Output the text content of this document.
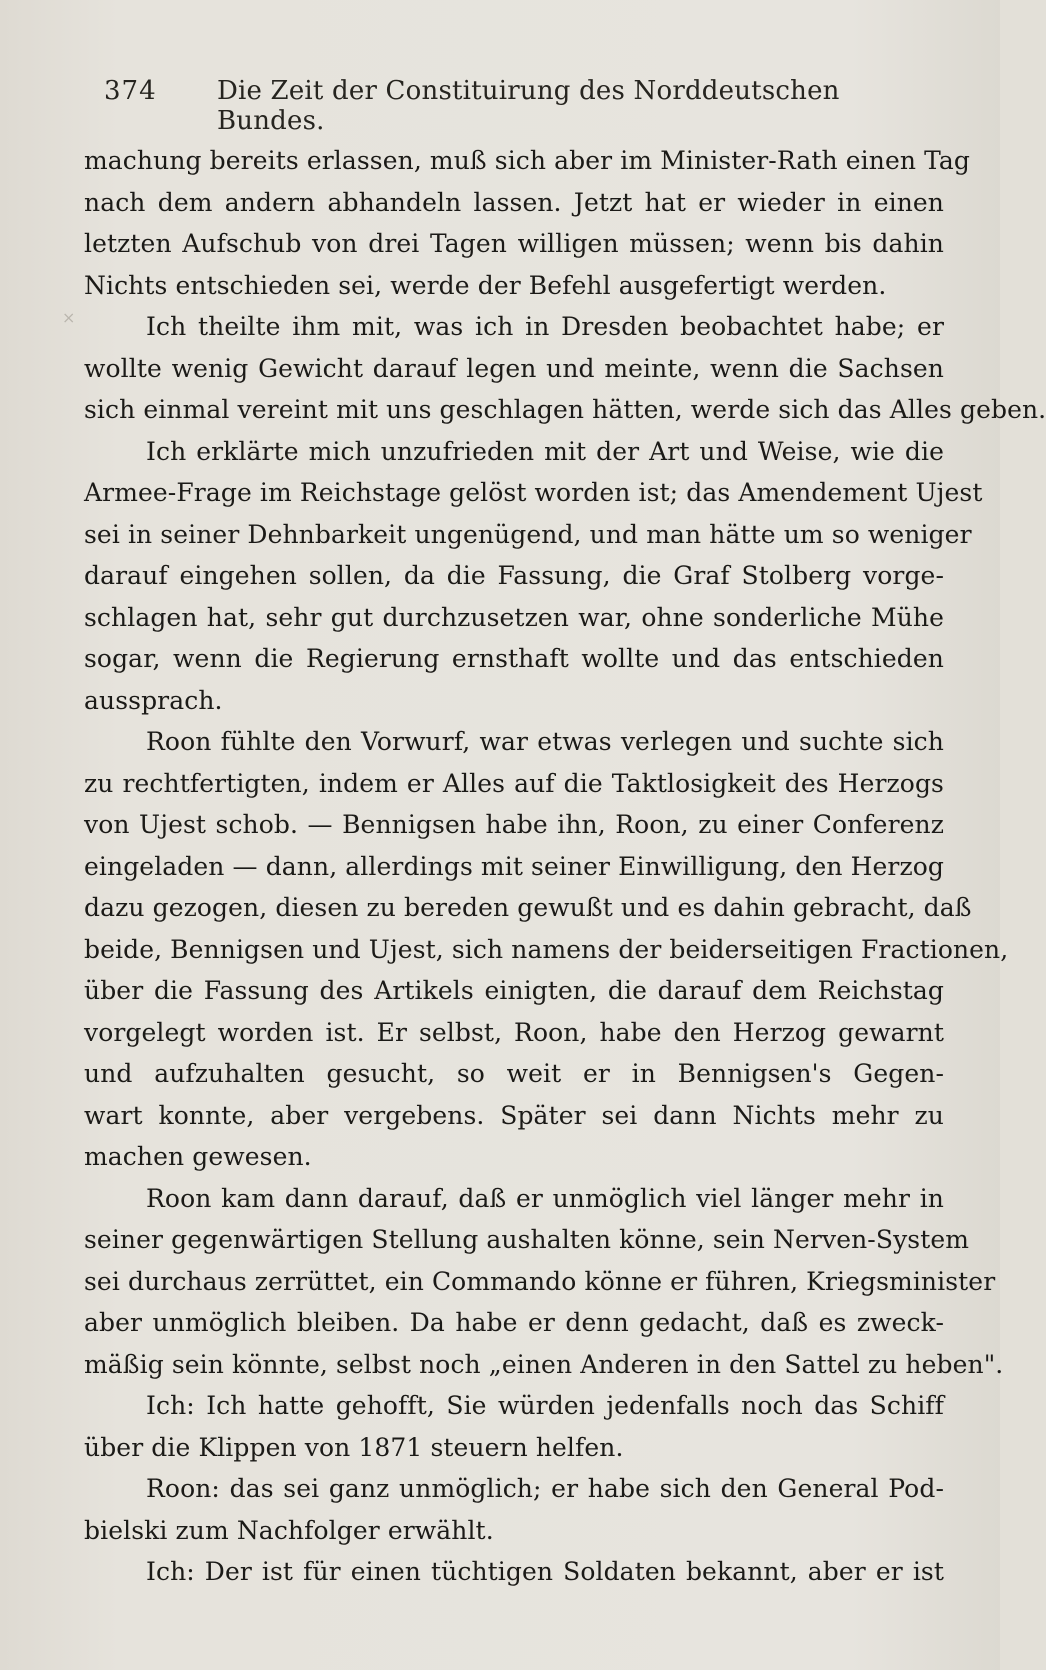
374	Die Zeit der Constituirung des Norddeutschen Bundes.
×
machung bereits erlassen, muß sich aber im Minister-Rath einen Tag
nach dem andern abhandeln lassen. Jetzt hat er wieder in einen
letzten Aufschub von drei Tagen willigen müssen; wenn bis dahin
Nichts entschieden sei, werde der Befehl ausgefertigt werden.
Ich theilte ihm mit, was ich in Dresden beobachtet habe; er
wollte wenig Gewicht darauf legen und meinte, wenn die Sachsen
sich einmal vereint mit uns geschlagen hätten, werde sich das Alles geben.
Ich erklärte mich unzufrieden mit der Art und Weise, wie die
Armee-Frage im Reichstage gelöst worden ist; das Amendement Ujest
sei in seiner Dehnbarkeit ungenügend, und man hätte um so weniger
darauf eingehen sollen, da die Fassung, die Graf Stolberg vorge-
schlagen hat, sehr gut durchzusetzen war, ohne sonderliche Mühe
sogar, wenn die Regierung ernsthaft wollte und das entschieden
aussprach.
Roon fühlte den Vorwurf, war etwas verlegen und suchte sich
zu rechtfertigten, indem er Alles auf die Taktlosigkeit des Herzogs
von Ujest schob. — Bennigsen habe ihn, Roon, zu einer Conferenz
eingeladen — dann, allerdings mit seiner Einwilligung, den Herzog
dazu gezogen, diesen zu bereden gewußt und es dahin gebracht, daß
beide, Bennigsen und Ujest, sich namens der beiderseitigen Fractionen,
über die Fassung des Artikels einigten, die darauf dem Reichstag
vorgelegt worden ist. Er selbst, Roon, habe den Herzog gewarnt
und aufzuhalten gesucht, so weit er in Bennigsen's Gegen-
wart konnte, aber vergebens. Später sei dann Nichts mehr zu
machen gewesen.
Roon kam dann darauf, daß er unmöglich viel länger mehr in
seiner gegenwärtigen Stellung aushalten könne, sein Nerven-System
sei durchaus zerrüttet, ein Commando könne er führen, Kriegsminister
aber unmöglich bleiben. Da habe er denn gedacht, daß es zweck-
mäßig sein könnte, selbst noch „einen Anderen in den Sattel zu heben".
Ich: Ich hatte gehofft, Sie würden jedenfalls noch das Schiff
über die Klippen von 1871 steuern helfen.
Roon: das sei ganz unmöglich; er habe sich den General Pod-
bielski zum Nachfolger erwählt.
Ich: Der ist für einen tüchtigen Soldaten bekannt, aber er ist
